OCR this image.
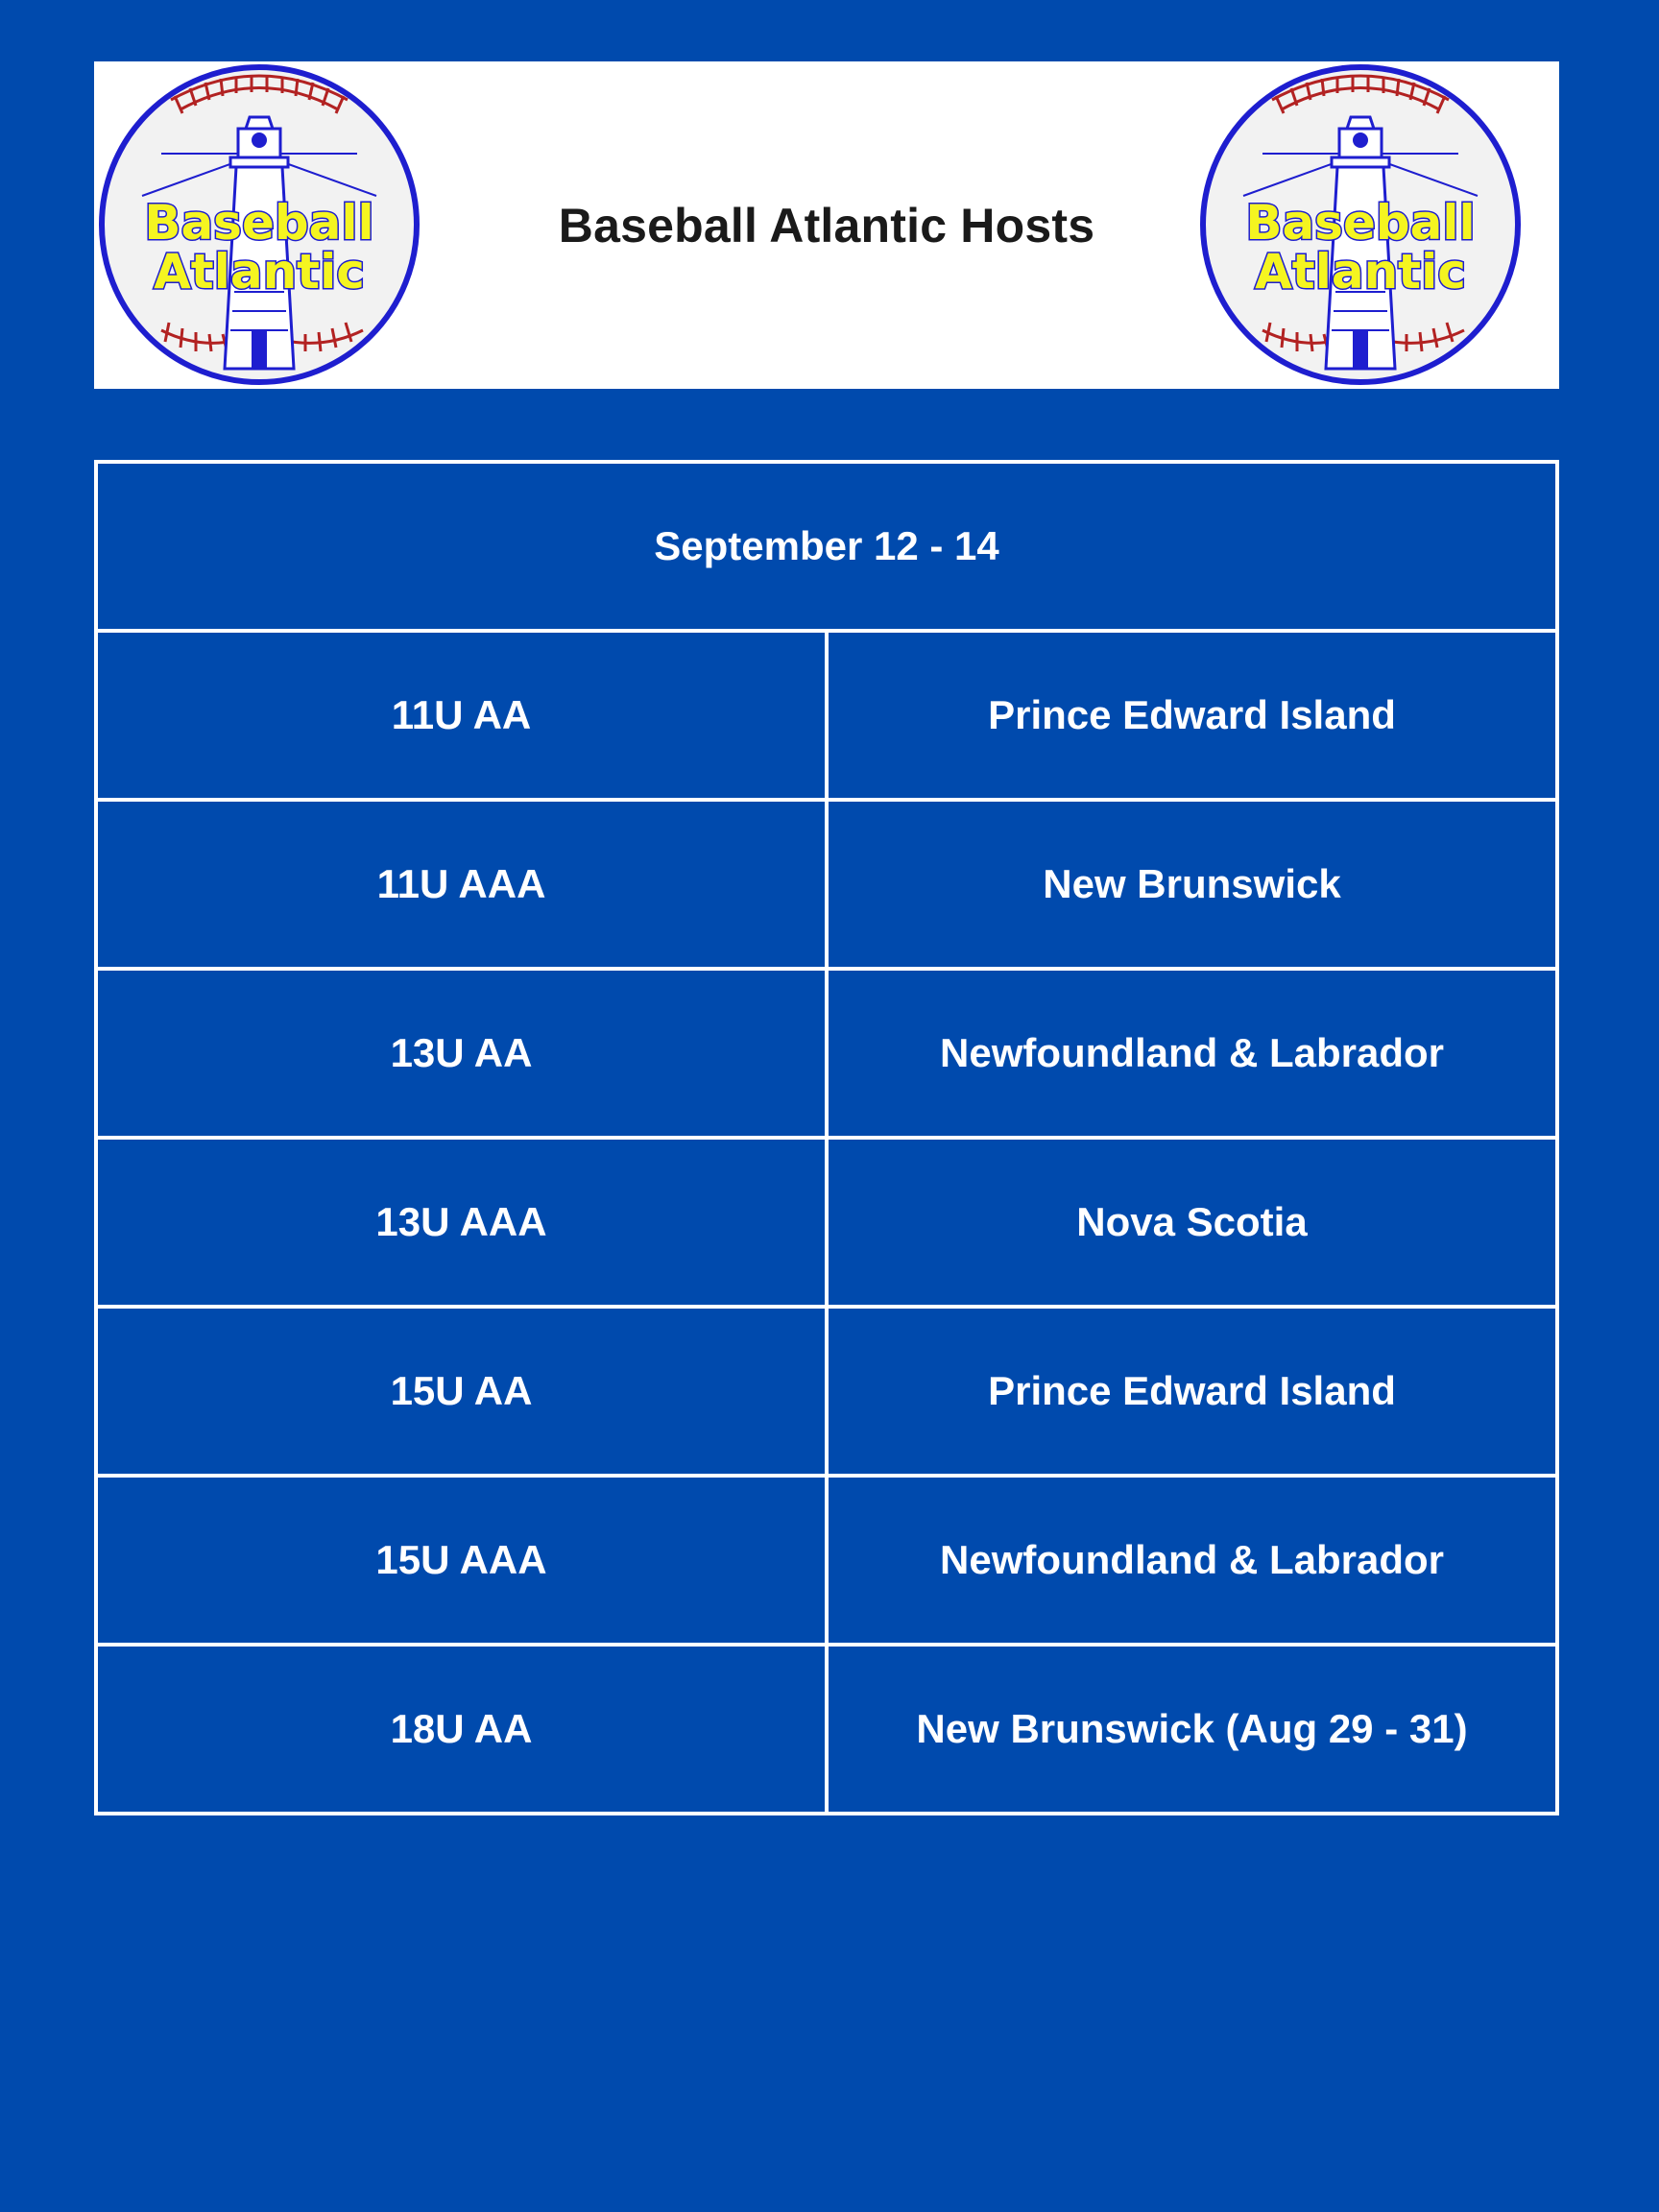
Baseball
Atlantic
Baseball Atlantic Hosts	Baseball
Atlantic
September 12 - 14	
11U AA	Prince Edward Island
11U AAA	New Brunswick
13U AA	Newfoundland & Labrador
13U AAA	Nova Scotia
15U AA	Prince Edward Island
15U AAA	Newfoundland & Labrador
18U AA	New Brunswick (Aug 29 - 31)
